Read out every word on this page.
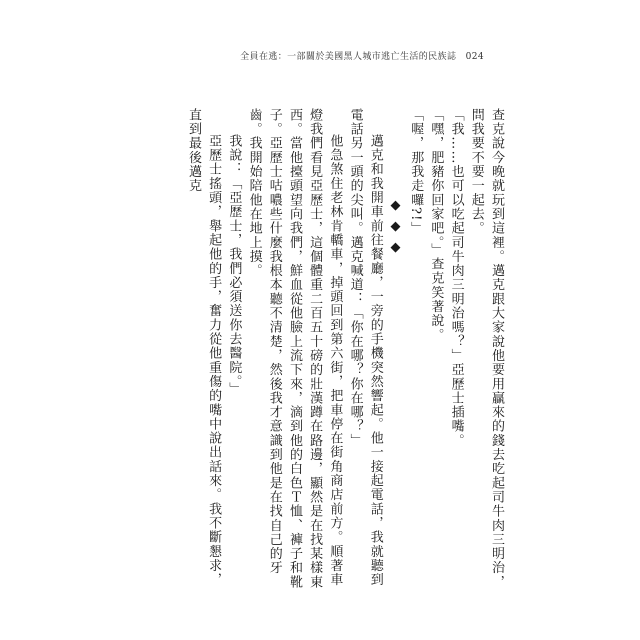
全員在逃：一部關於美國黑人城市逃亡生活的民族誌 024

查克說今晚就玩到這裡。邁克跟大家說他要用贏來的錢去吃起司牛肉三明治，問我要不要一起去。

「我……也可以吃起司牛肉三明治嗎？」亞歷士插嘴。

「嘿，肥豬你回家吧。」查克笑著說。

「喔，那我走囉?!」

◆◆◆

邁克和我開車前往餐廳，一旁的手機突然響起。他一接起電話，我就聽到電話另一頭的尖叫。邁克喊道：「你在哪？你在哪？」

他急煞住老林肯轎車，掉頭回到第六街，把車停在街角商店前方。順著車燈我們看見亞歷士，這個體重二百五十磅的壯漢蹲在路邊，顯然是在找某樣東西。當他擡頭望向我們，鮮血從他臉上流下來，滴到他的白色Ｔ恤、褲子和靴子。亞歷士咕噥些什麼我根本聽不清楚，然後我才意識到他是在找自己的牙齒。我開始陪他在地上摸。

我說：「亞歷士，我們必須送你去醫院。」

亞歷士搖頭，舉起他的手，奮力從他重傷的嘴中說出話來。我不斷懇求，直到最後邁克
